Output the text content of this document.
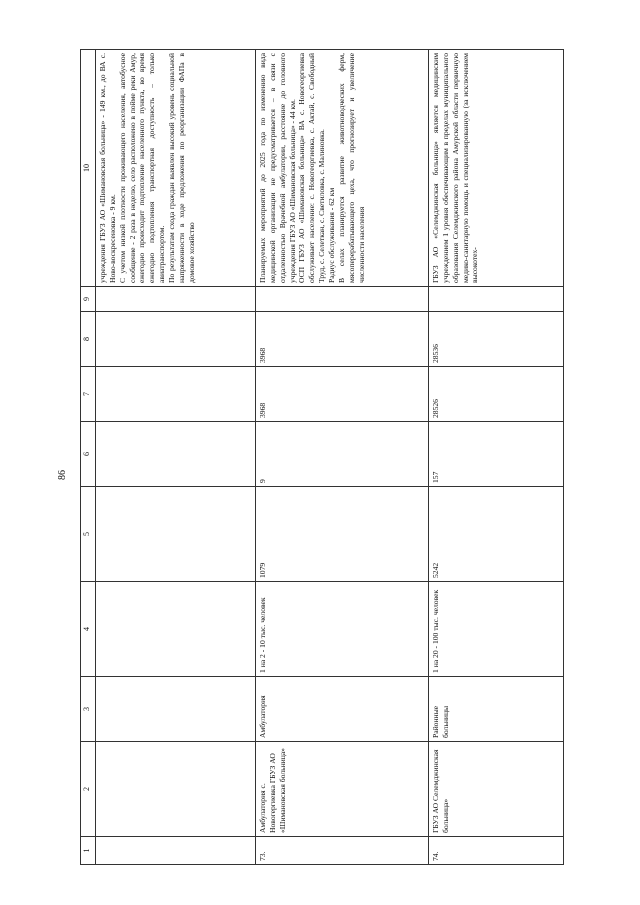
86
1	2	3	4	5	6	7	8	9	10

									учреждения ГБУЗ АО «Шимановская больница» - 149 км., до ВА с. Ново-воскресеновка - 9 км. С учетом низкой плотности проживающего населения, автобусное сообщение - 2 раза в неделю, село расположено в пойме реки Амур, ежегодно происходит подтопление населенного пункта, во время ежегодно подтопления транспортная доступность – только авиатранспортом. По результатам схода граждан выявлен высокий уровень социальной напряженности в ходе предложения по реорганизации ФАПа в домовое хозяйство

73.	Амбулатория с. Новогергиевка ГБУЗ АО «Шимановская больница»	Амбулатория	1 на 2 - 10 тыс. человек	1079	9	3968	3968		Планируемых мероприятий до 2025 года по изменению вида медицинской организации не предусматривается – в связи с отдаленностью Врачебной амбулатории, расстояние до головного учреждения ГБУЗ АО «Шимановская больница» - 44 км. ОСП ГБУЗ АО «Шимановская больница» ВА с. Новогеоргиевка обслуживает население: с. Новогеоргиевка, с. Актай, с. Свободный Труд, с. Селеткан, с. Светиловка, с. Малиновка. Радиус обслуживания - 62 км В селах планируется развитие животноводческих ферм, мясоперерабатывающего цеха, что прогнозирует и увеличение численности населения

74.	ГБУЗ АО Селемджинская больница»	Районные больницы	1 на 20 - 100 тыс. человек	5242	157	28526	28536		ГБУЗ АО «Селемджинская больница» является медицинским учреждением 1 уровня обеспечивающим в пределах муниципального образования Селемджинского района Амурской области первичную медико-санитарную помощь и специализированную (за исключением высокотех-
